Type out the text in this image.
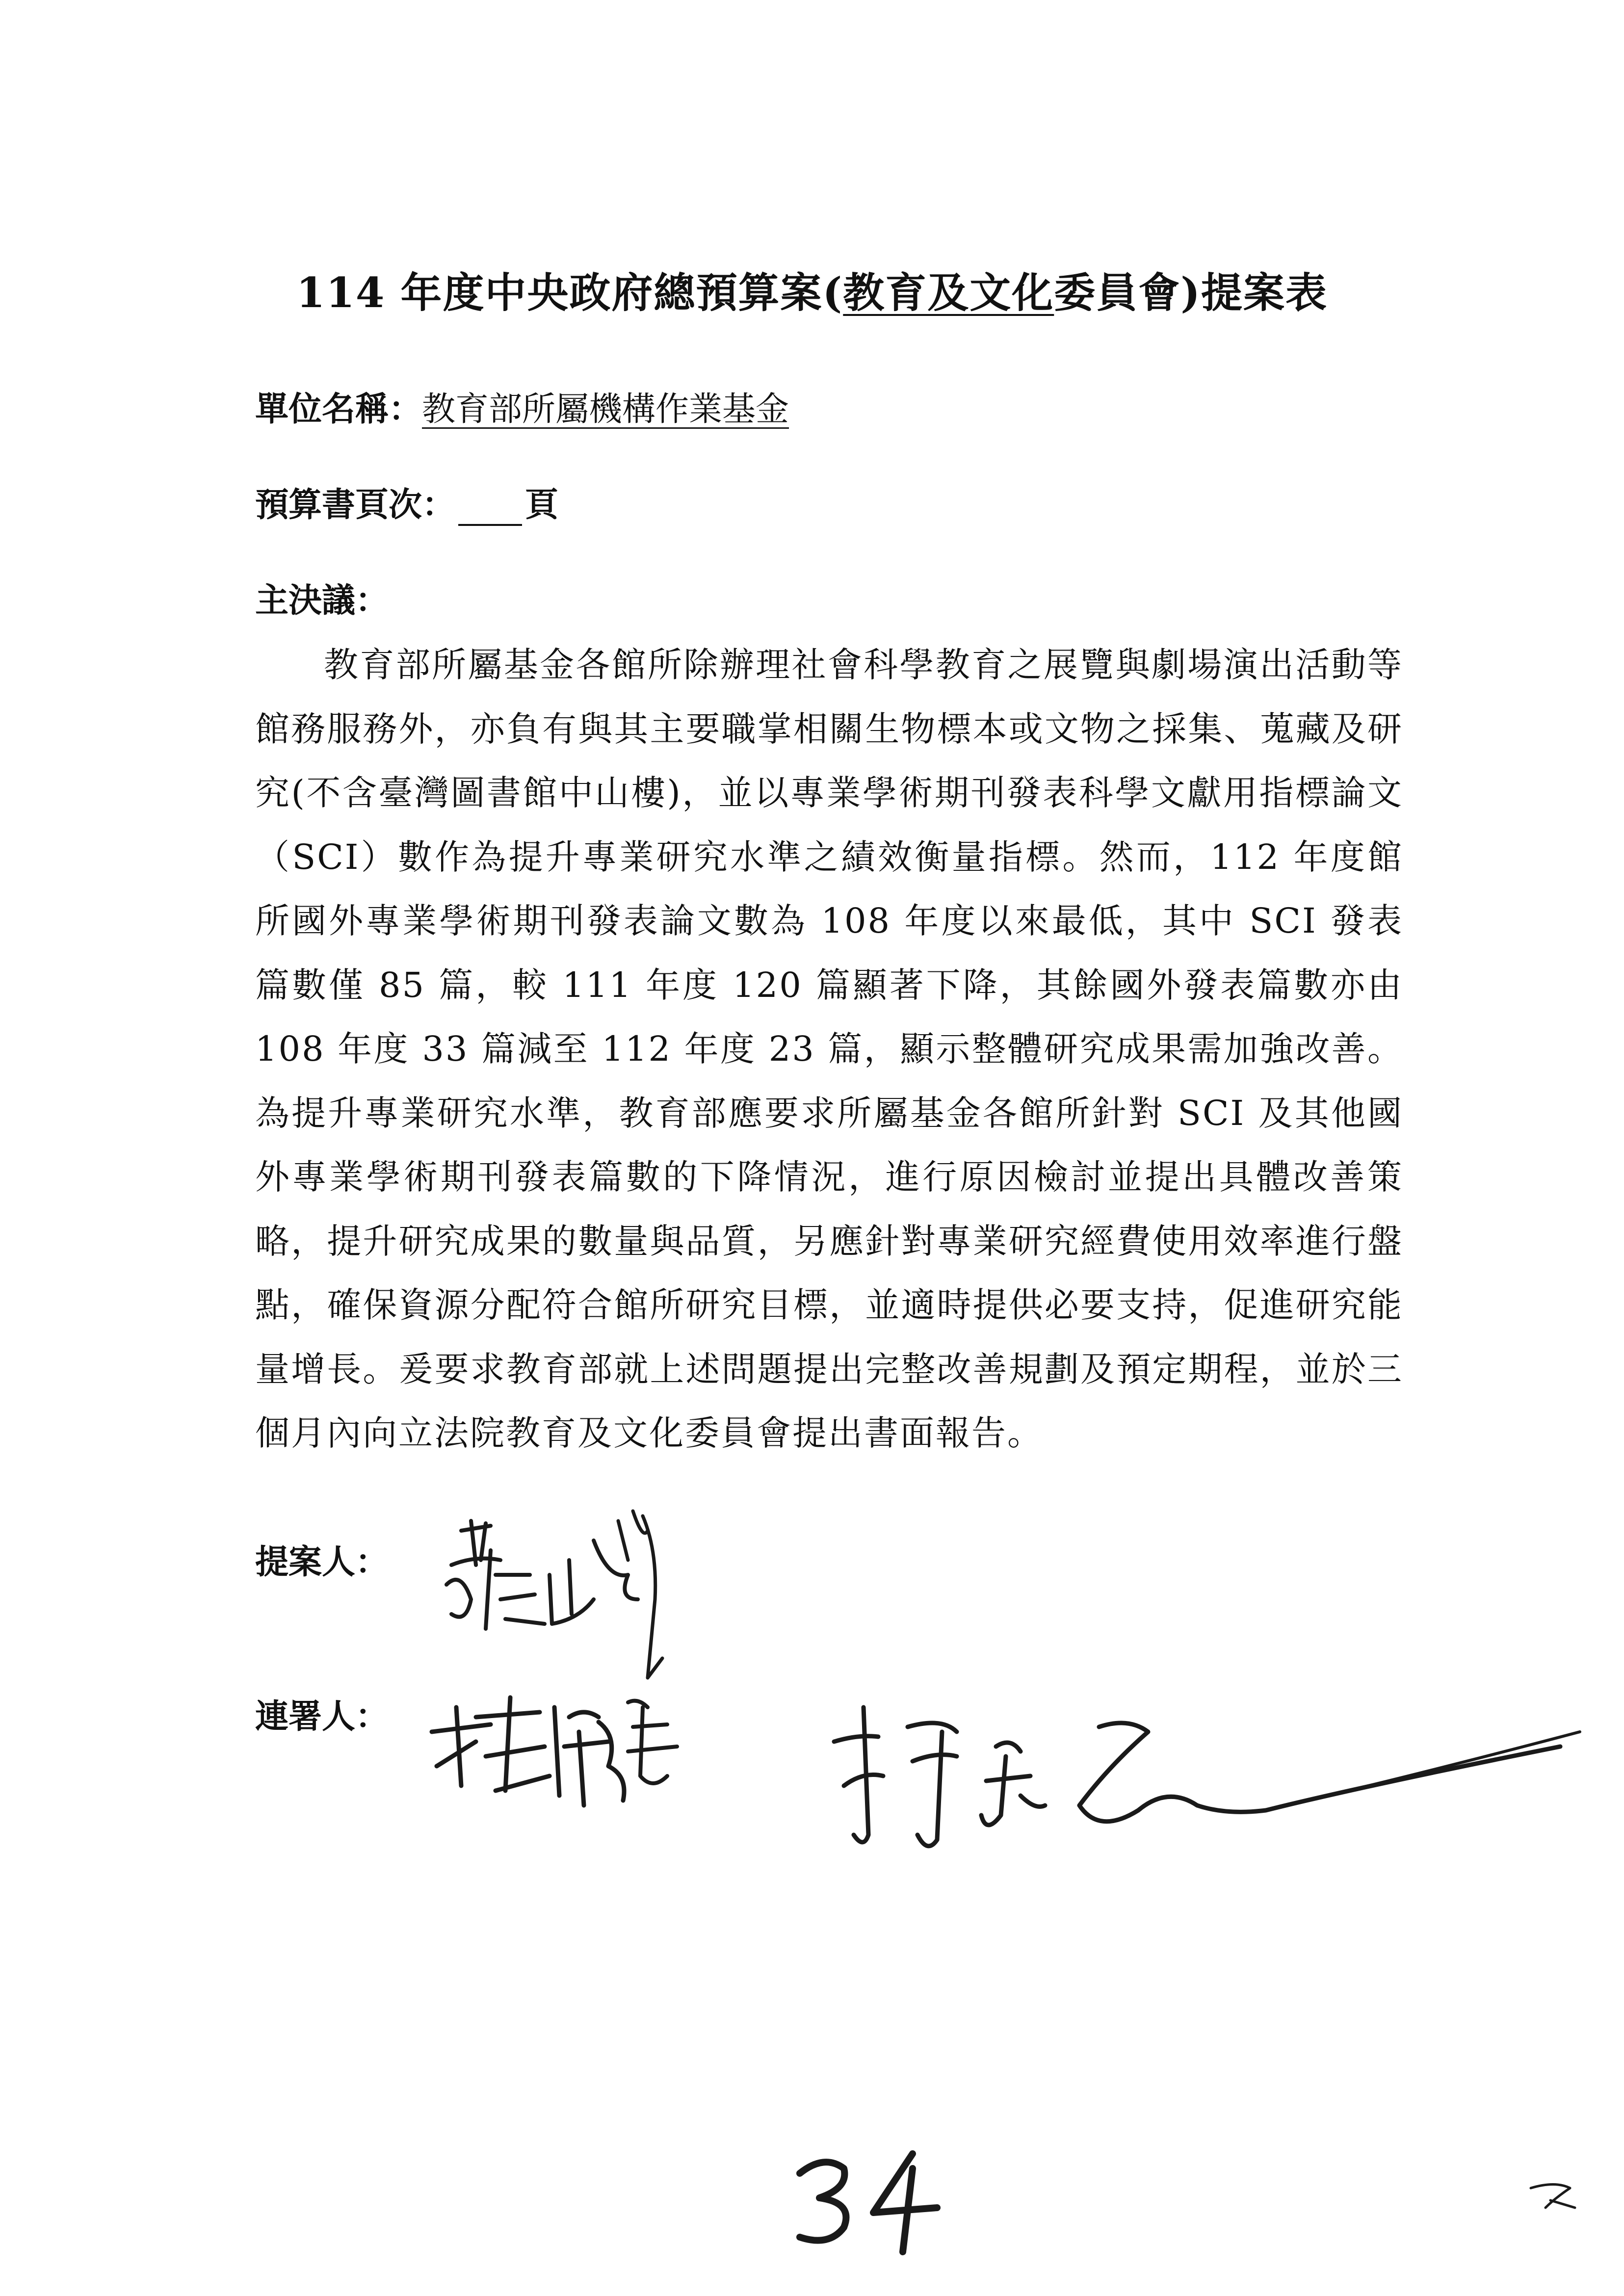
114 年度中央政府總預算案(教育及文化委員會)提案表
單位名稱：教育部所屬機構作業基金
預算書頁次： 頁
主決議：
教育部所屬基金各館所除辦理社會科學教育之展覽與劇場演出活動等館務服務外，亦負有與其主要職掌相關生物標本或文物之採集、蒐藏及研究(不含臺灣圖書館中山樓)，並以專業學術期刊發表科學文獻用指標論文（SCI）數作為提升專業研究水準之績效衡量指標。然而，112 年度館所國外專業學術期刊發表論文數為 108 年度以來最低，其中 SCI 發表篇數僅 85 篇，較 111 年度 120 篇顯著下降，其餘國外發表篇數亦由 108 年度 33 篇減至 112 年度 23 篇，顯示整體研究成果需加強改善。為提升專業研究水準，教育部應要求所屬基金各館所針對 SCI 及其他國外專業學術期刊發表篇數的下降情況，進行原因檢討並提出具體改善策略，提升研究成果的數量與品質，另應針對專業研究經費使用效率進行盤點，確保資源分配符合館所研究目標，並適時提供必要支持，促進研究能量增長。爰要求教育部就上述問題提出完整改善規劃及預定期程，並於三個月內向立法院教育及文化委員會提出書面報告。
提案人：
連署人：
